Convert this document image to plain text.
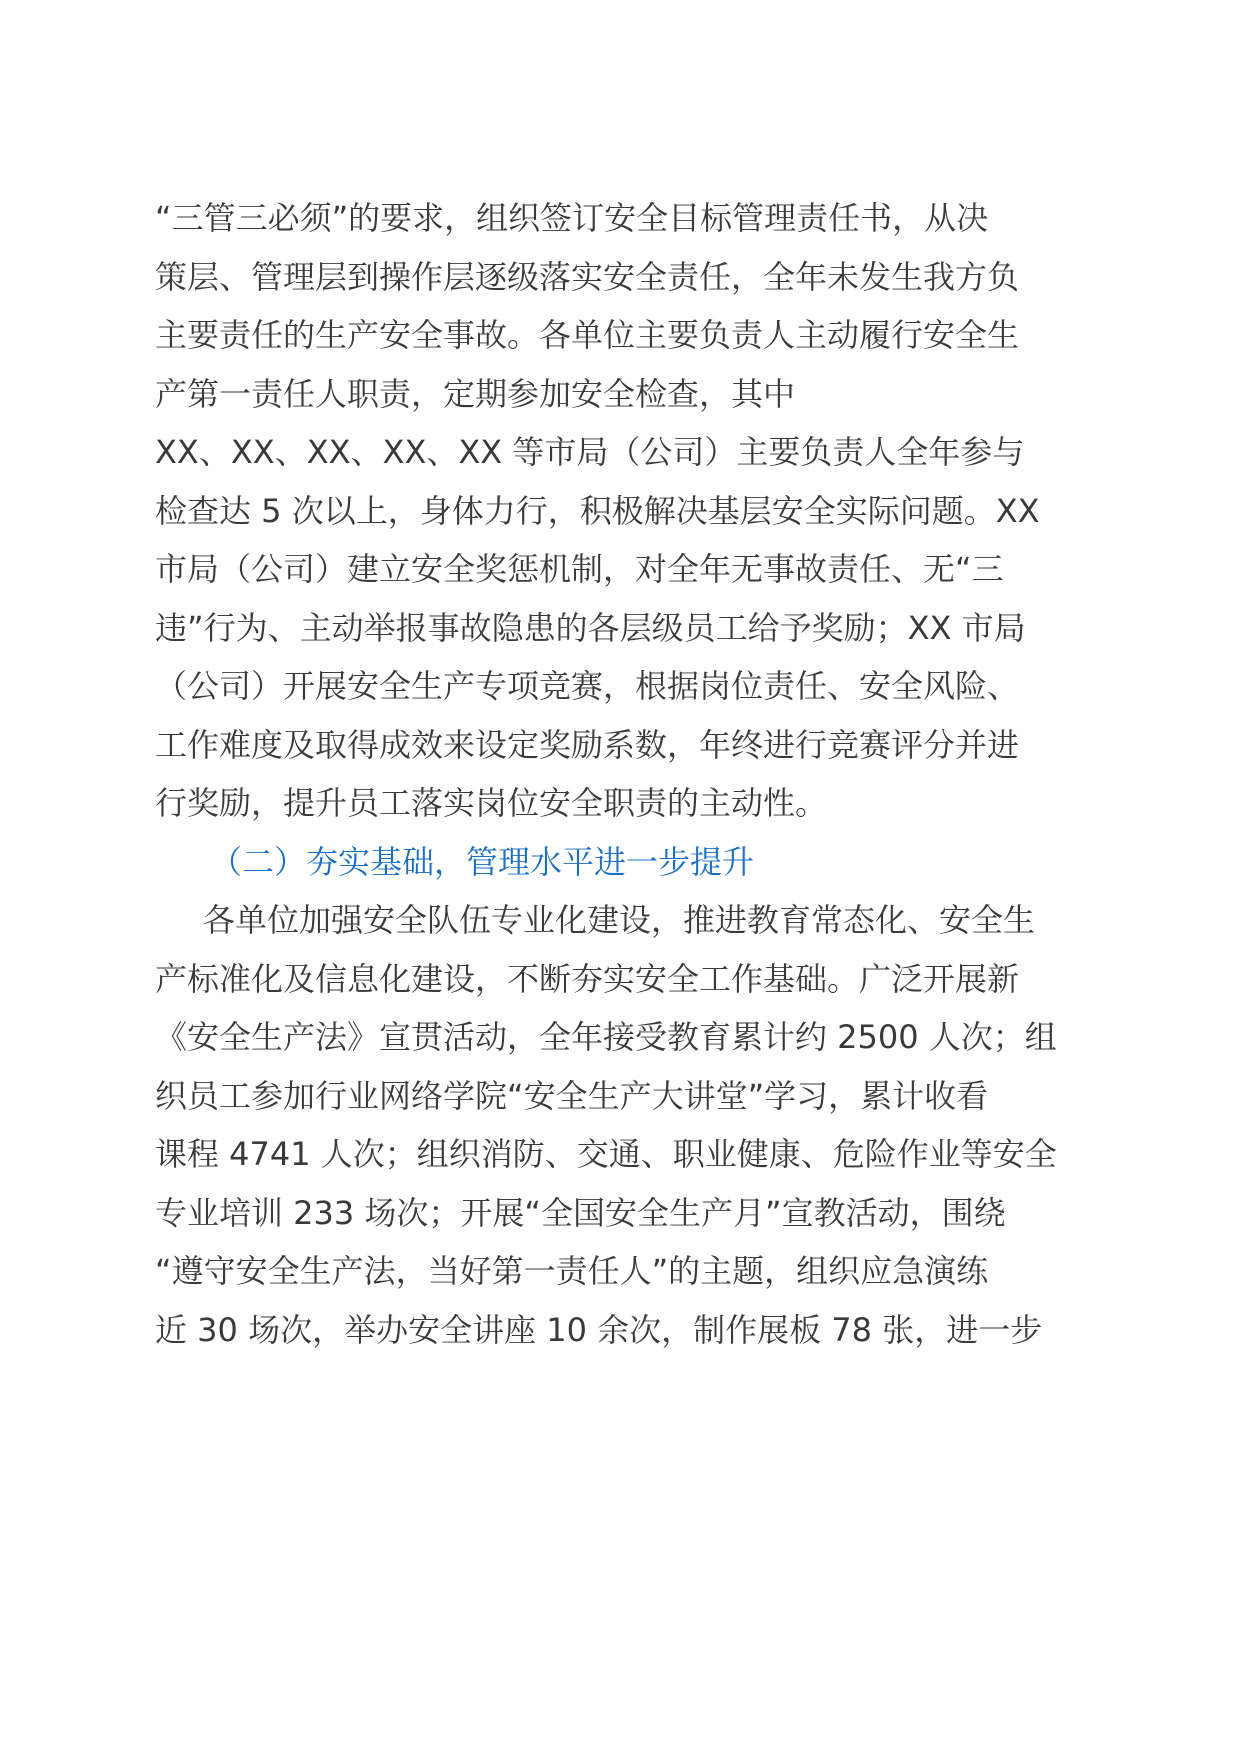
“三管三必须”的要求，组织签订安全目标管理责任书，从决
策层、管理层到操作层逐级落实安全责任，全年未发生我方负
主要责任的生产安全事故。各单位主要负责人主动履行安全生
产第一责任人职责，定期参加安全检查，其中
XX、XX、XX、XX、XX 等市局（公司）主要负责人全年参与
检查达 5 次以上，身体力行，积极解决基层安全实际问题。XX
市局（公司）建立安全奖惩机制，对全年无事故责任、无“三
违”行为、主动举报事故隐患的各层级员工给予奖励；XX 市局
（公司）开展安全生产专项竞赛，根据岗位责任、安全风险、
工作难度及取得成效来设定奖励系数，年终进行竞赛评分并进
行奖励，提升员工落实岗位安全职责的主动性。
（二）夯实基础，管理水平进一步提升
各单位加强安全队伍专业化建设，推进教育常态化、安全生
产标准化及信息化建设，不断夯实安全工作基础。广泛开展新
《安全生产法》宣贯活动，全年接受教育累计约 2500 人次；组
织员工参加行业网络学院“安全生产大讲堂”学习，累计收看
课程 4741 人次；组织消防、交通、职业健康、危险作业等安全
专业培训 233 场次；开展“全国安全生产月”宣教活动，围绕
“遵守安全生产法，当好第一责任人”的主题，组织应急演练
近 30 场次，举办安全讲座 10 余次，制作展板 78 张，进一步
